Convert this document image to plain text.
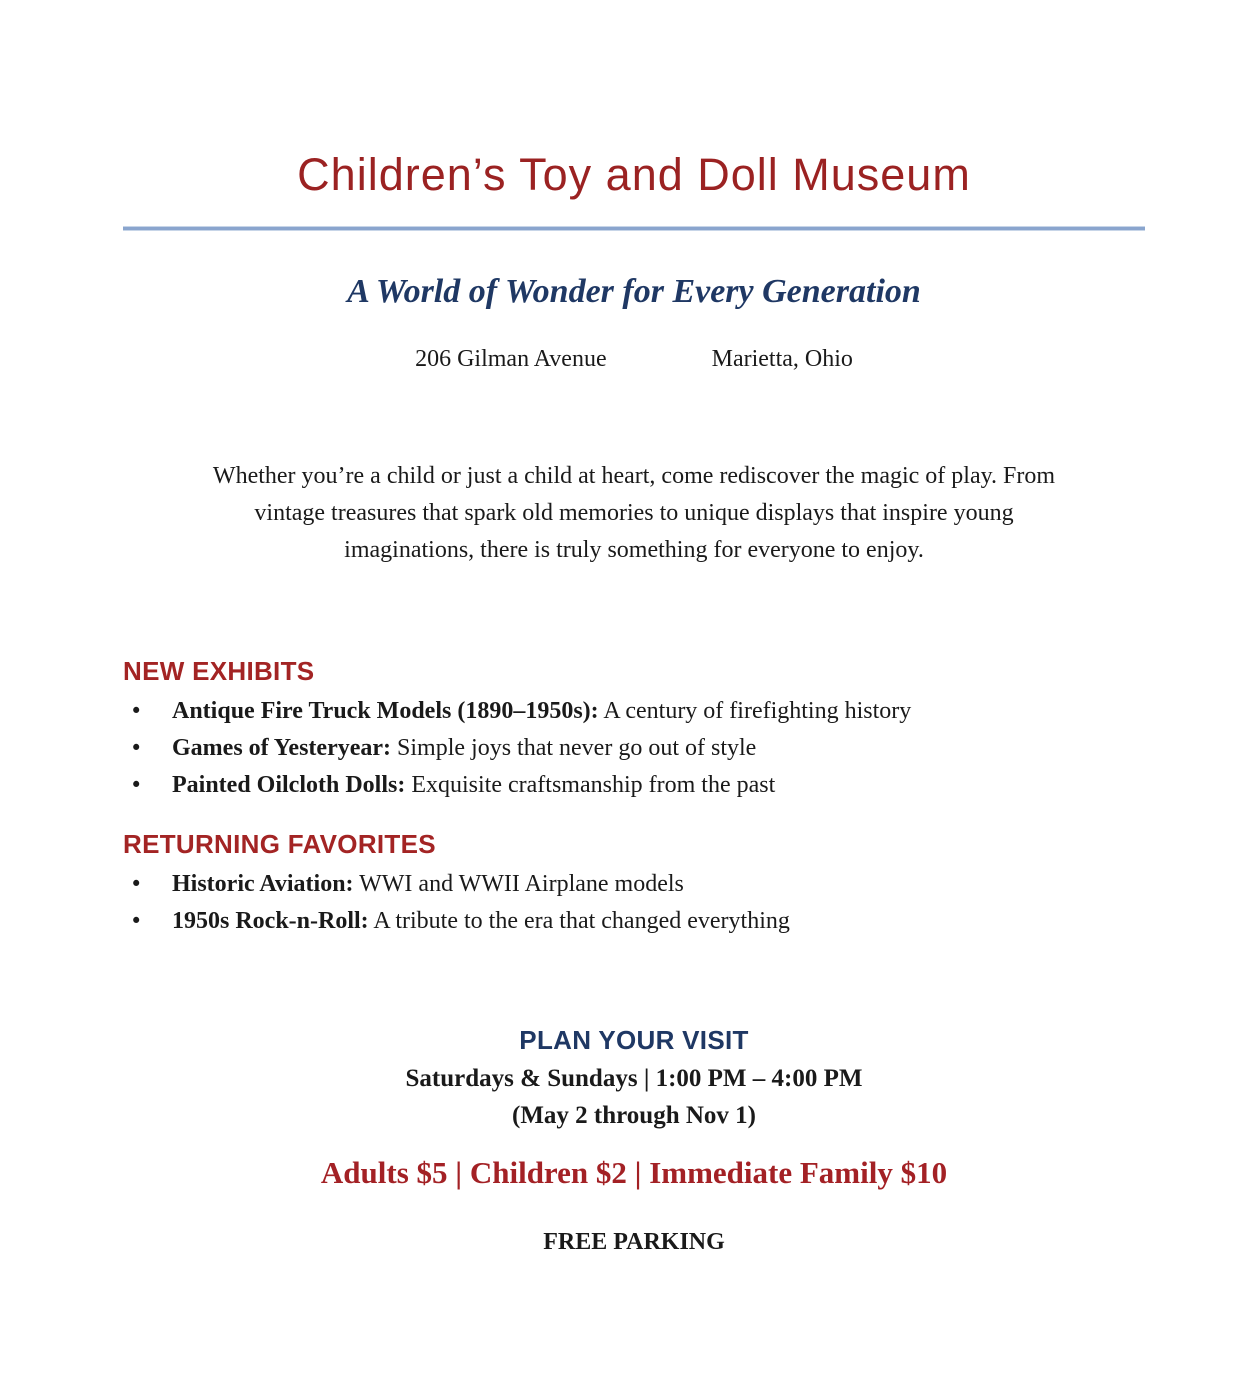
Children’s Toy and Doll Museum

A World of Wonder for Every Generation

206 Gilman Avenue	Marietta, Ohio
Whether you’re a child or just a child at heart, come rediscover the magic of play. From
vintage treasures that spark old memories to unique displays that inspire young
imaginations, there is truly something for everyone to enjoy.
NEW EXHIBITS
• Antique Fire Truck Models (1890–1950s): A century of firefighting history
• Games of Yesteryear: Simple joys that never go out of style
• Painted Oilcloth Dolls: Exquisite craftsmanship from the past
RETURNING FAVORITES
• Historic Aviation: WWI and WWII Airplane models
• 1950s Rock-n-Roll: A tribute to the era that changed everything
PLAN YOUR VISIT

Saturdays & Sundays | 1:00 PM – 4:00 PM

(May 2 through Nov 1)

Adults $5 | Children $2 | Immediate Family $10

FREE PARKING
